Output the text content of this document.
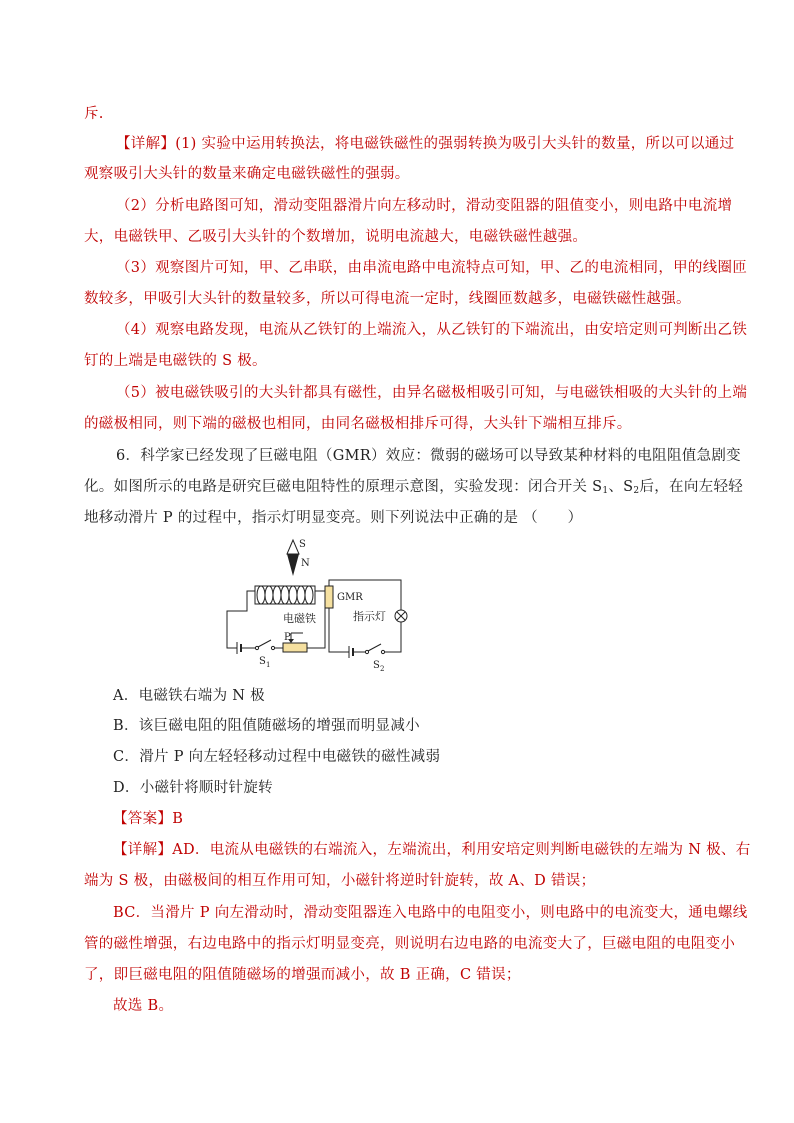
斥.
【详解】(1) 实验中运用转换法，将电磁铁磁性的强弱转换为吸引大头针的数量，所以可以通过
观察吸引大头针的数量来确定电磁铁磁性的强弱。
（2）分析电路图可知，滑动变阻器滑片向左移动时，滑动变阻器的阻值变小，则电路中电流增
大，电磁铁甲、乙吸引大头针的个数增加，说明电流越大，电磁铁磁性越强。
（3）观察图片可知，甲、乙串联，由串流电路中电流特点可知，甲、乙的电流相同，甲的线圈匝
数较多，甲吸引大头针的数量较多，所以可得电流一定时，线圈匝数越多，电磁铁磁性越强。
（4）观察电路发现，电流从乙铁钉的上端流入，从乙铁钉的下端流出，由安培定则可判断出乙铁
钉的上端是电磁铁的 S 极。
（5）被电磁铁吸引的大头针都具有磁性，由异名磁极相吸引可知，与电磁铁相吸的大头针的上端
的磁极相同，则下端的磁极也相同，由同名磁极相排斥可得，大头针下端相互排斥。
6．科学家已经发现了巨磁电阻（GMR）效应：微弱的磁场可以导致某种材料的电阻阻值急剧变
化。如图所示的电路是研究巨磁电阻特性的原理示意图，实验发现：闭合开关 $S_1$、$S_2$后，在向左轻轻
地移动滑片 P 的过程中，指示灯明显变亮。则下列说法中正确的是 （　　）
S
N
电磁铁
S 1
P
GMR
指示灯
S 2
A．电磁铁右端为 N 极
B．该巨磁电阻的阻值随磁场的增强而明显减小
C．滑片 P 向左轻轻移动过程中电磁铁的磁性减弱
D．小磁针将顺时针旋转
【答案】B
【详解】AD．电流从电磁铁的右端流入，左端流出，利用安培定则判断电磁铁的左端为 N 极、右
端为 S 极，由磁极间的相互作用可知，小磁针将逆时针旋转，故 A、D 错误；
BC．当滑片 P 向左滑动时，滑动变阻器连入电路中的电阻变小，则电路中的电流变大，通电螺线
管的磁性增强，右边电路中的指示灯明显变亮，则说明右边电路的电流变大了，巨磁电阻的电阻变小
了，即巨磁电阻的阻值随磁场的增强而减小，故 B 正确，C 错误；
故选 B。
